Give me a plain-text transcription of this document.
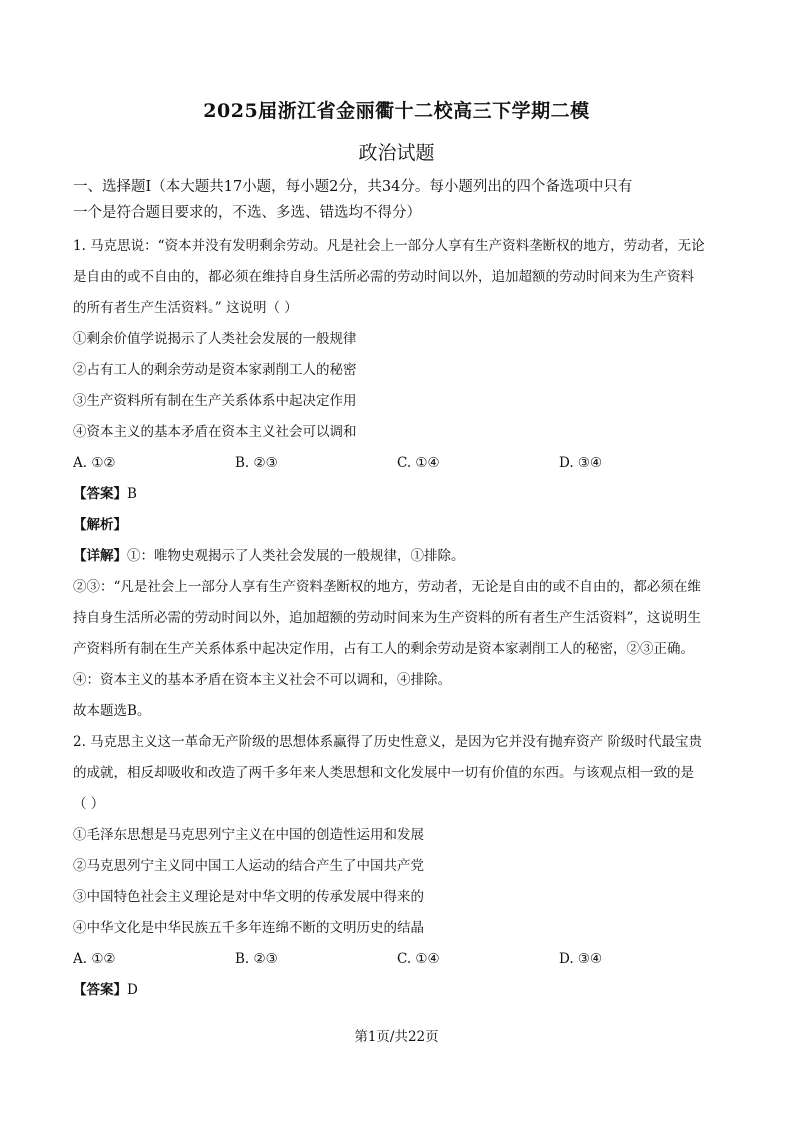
2025届浙江省金丽衢十二校高三下学期二模
政治试题
一、选择题Ⅰ（本大题共17小题，每小题2分，共34分。每小题列出的四个备选项中只有
一个是符合题目要求的，不选、多选、错选均不得分）
1. 马克思说：“资本并没有发明剩余劳动。凡是社会上一部分人享有生产资料垄断权的地方，劳动者，无论
是自由的或不自由的，都必须在维持自身生活所必需的劳动时间以外，追加超额的劳动时间来为生产资料
的所有者生产生活资料。” 这说明（ ）
①剩余价值学说揭示了人类社会发展的一般规律
②占有工人的剩余劳动是资本家剥削工人的秘密
③生产资料所有制在生产关系体系中起决定作用
④资本主义的基本矛盾在资本主义社会可以调和
A. ①②	B. ②③	C. ①④	D. ③④
【答案】B
【解析】
【详解】①：唯物史观揭示了人类社会发展的一般规律，①排除。
②③：“凡是社会上一部分人享有生产资料垄断权的地方，劳动者，无论是自由的或不自由的，都必须在维
持自身生活所必需的劳动时间以外，追加超额的劳动时间来为生产资料的所有者生产生活资料”，这说明生
产资料所有制在生产关系体系中起决定作用，占有工人的剩余劳动是资本家剥削工人的秘密，②③正确。
④：资本主义的基本矛盾在资本主义社会不可以调和，④排除。
故本题选B。
2. 马克思主义这一革命无产阶级的思想体系赢得了历史性意义，是因为它并没有抛弃资产 阶级时代最宝贵
的成就，相反却吸收和改造了两千多年来人类思想和文化发展中一切有价值的东西。与该观点相一致的是
（ ）
①毛泽东思想是马克思列宁主义在中国的创造性运用和发展
②马克思列宁主义同中国工人运动的结合产生了中国共产党
③中国特色社会主义理论是对中华文明的传承发展中得来的
④中华文化是中华民族五千多年连绵不断的文明历史的结晶
A. ①②	B. ②③	C. ①④	D. ③④
【答案】D
第1页/共22页
